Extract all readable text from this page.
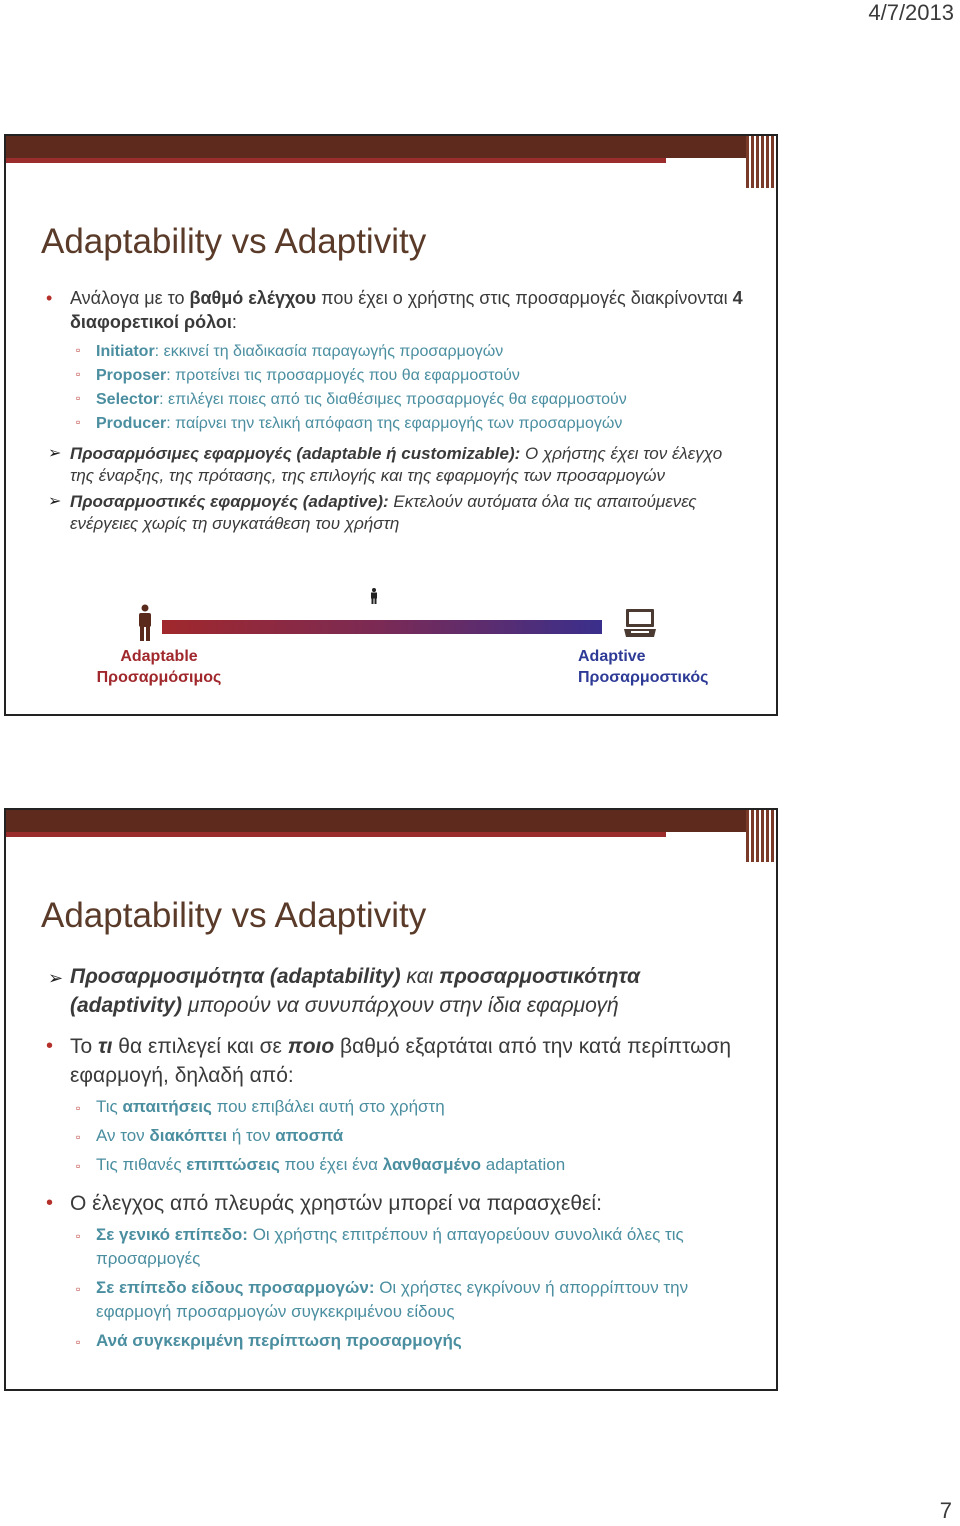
4/7/2013
Adaptability vs Adaptivity
• Ανάλογα με το βαθμό ελέγχου που έχει ο χρήστης στις προσαρμογές διακρίνονται 4 διαφορετικοί ρόλοι:
▫ Initiator: εκκινεί τη διαδικασία παραγωγής προσαρμογών
▫ Proposer: προτείνει τις προσαρμογές που θα εφαρμοστούν
▫ Selector: επιλέγει ποιες από τις διαθέσιμες προσαρμογές θα εφαρμοστούν
▫ Producer: παίρνει την τελική απόφαση της εφαρμογής των προσαρμογών
➢ Προσαρμόσιμες εφαρμογές (adaptable ή customizable): Ο χρήστης έχει τον έλεγχο της έναρξης, της πρότασης, της επιλογής και της εφαρμογής των προσαρμογών
➢ Προσαρμοστικές εφαρμογές (adaptive): Εκτελούν αυτόματα όλα τις απαιτούμενες ενέργειες χωρίς τη συγκατάθεση του χρήστη
Adaptable
Προσαρμόσιμος
Adaptive
Προσαρμοστικός
Adaptability vs Adaptivity
➢ Προσαρμοσιμότητα (adaptability) και προσαρμοστικότητα (adaptivity) μπορούν να συνυπάρχουν στην ίδια εφαρμογή
• Το τι θα επιλεγεί και σε ποιο βαθμό εξαρτάται από την κατά περίπτωση εφαρμογή, δηλαδή από:
▫ Τις απαιτήσεις που επιβάλει αυτή στο χρήστη
▫ Αν τον διακόπτει ή τον αποσπά
▫ Τις πιθανές επιπτώσεις που έχει ένα λανθασμένο adaptation
• Ο έλεγχος από πλευράς χρηστών μπορεί να παρασχεθεί:
▫ Σε γενικό επίπεδο: Οι χρήστης επιτρέπουν ή απαγορεύουν συνολικά όλες τις προσαρμογές
▫ Σε επίπεδο είδους προσαρμογών: Οι χρήστες εγκρίνουν ή απορρίπτουν την εφαρμογή προσαρμογών συγκεκριμένου είδους
▫ Ανά συγκεκριμένη περίπτωση προσαρμογής
7
